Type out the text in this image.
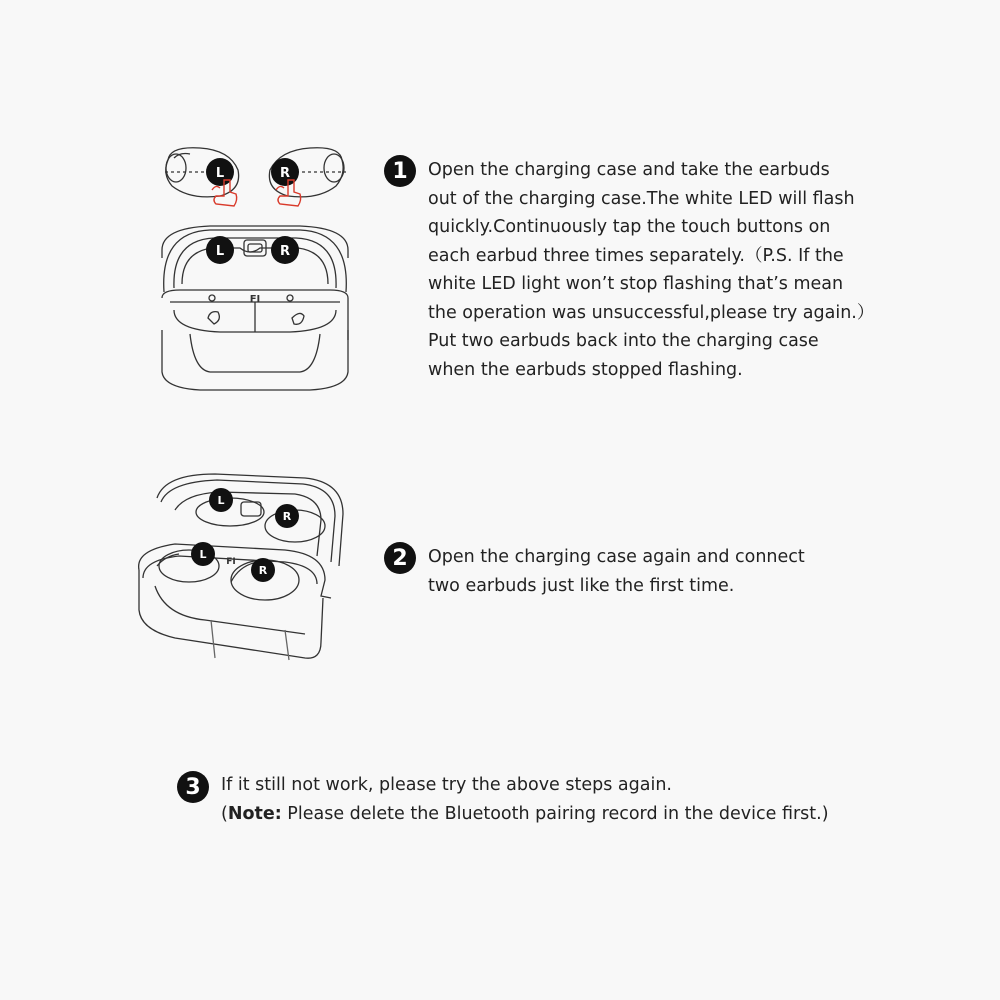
L	R
L	R
FI
1	Open the charging case and take the earbuds
out of the charging case.The white LED will flash
quickly.Continuously tap the touch buttons on
each earbud three times separately.（P.S. If the
white LED light won’t stop flashing that’s mean
the operation was unsuccessful,please try again.）
Put two earbuds back into the charging case
when the earbuds stopped flashing.
L
R
L
R
FI	2	Open the charging case again and connect
two earbuds just like the first time.
3	If it still not work, please try the above steps again.
(Note: Please delete the Bluetooth pairing record in the device first.)
